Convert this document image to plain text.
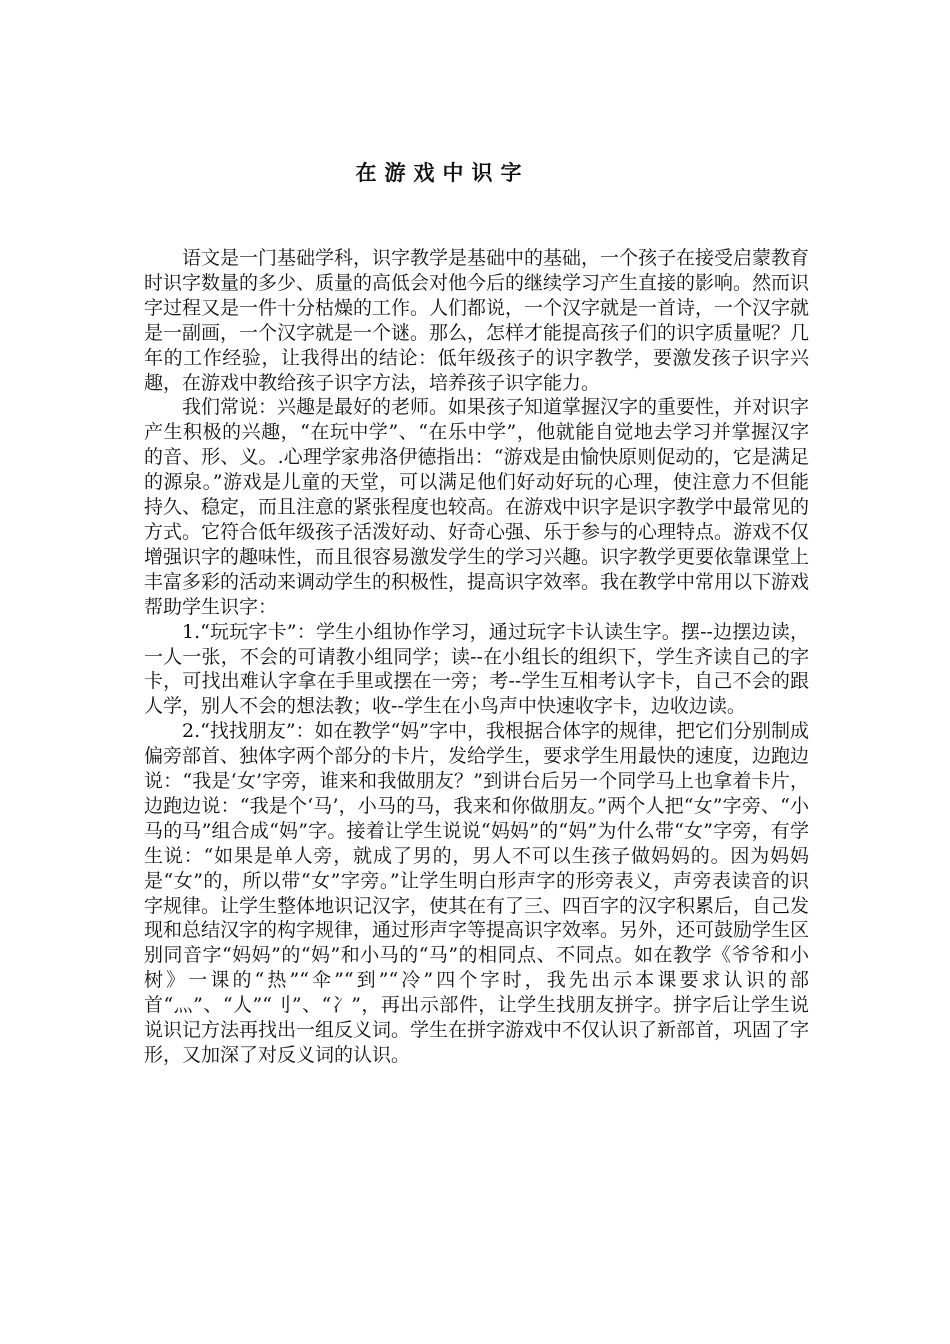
在游戏中识字

语文是一门基础学科，识字教学是基础中的基础，一个孩子在接受启蒙教育时识字数量的多少、质量的高低会对他今后的继续学习产生直接的影响。然而识字过程又是一件十分枯燥的工作。人们都说，一个汉字就是一首诗，一个汉字就是一副画，一个汉字就是一个谜。那么，怎样才能提高孩子们的识字质量呢？几年的工作经验，让我得出的结论：低年级孩子的识字教学，要激发孩子识字兴趣，在游戏中教给孩子识字方法，培养孩子识字能力。

我们常说：兴趣是最好的老师。如果孩子知道掌握汉字的重要性，并对识字产生积极的兴趣，“在玩中学”、“在乐中学”，他就能自觉地去学习并掌握汉字的音、形、义。.心理学家弗洛伊德指出：“游戏是由愉快原则促动的，它是满足的源泉。”游戏是儿童的天堂，可以满足他们好动好玩的心理，使注意力不但能持久、稳定，而且注意的紧张程度也较高。在游戏中识字是识字教学中最常见的方式。它符合低年级孩子活泼好动、好奇心强、乐于参与的心理特点。游戏不仅增强识字的趣味性，而且很容易激发学生的学习兴趣。识字教学更要依靠课堂上丰富多彩的活动来调动学生的积极性，提高识字效率。我在教学中常用以下游戏帮助学生识字：

1.“玩玩字卡”：学生小组协作学习，通过玩字卡认读生字。摆--边摆边读，一人一张，不会的可请教小组同学；读--在小组长的组织下，学生齐读自己的字卡，可找出难认字拿在手里或摆在一旁；考--学生互相考认字卡，自己不会的跟人学，别人不会的想法教；收--学生在小鸟声中快速收字卡，边收边读。

2.“找找朋友”：如在教学“妈”字中，我根据合体字的规律，把它们分别制成偏旁部首、独体字两个部分的卡片，发给学生，要求学生用最快的速度，边跑边说：“我是‘女’字旁，谁来和我做朋友？”到讲台后另一个同学马上也拿着卡片，边跑边说：“我是个‘马’，小马的马，我来和你做朋友。”两个人把“女”字旁、“小马的马”组合成“妈”字。接着让学生说说“妈妈”的“妈”为什么带“女”字旁，有学生说：“如果是单人旁，就成了男的，男人不可以生孩子做妈妈的。因为妈妈是“女”的，所以带“女”字旁。”让学生明白形声字的形旁表义，声旁表读音的识字规律。让学生整体地识记汉字，使其在有了三、四百字的汉字积累后，自己发现和总结汉字的构字规律，通过形声字等提高识字效率。另外，还可鼓励学生区别同音字“妈妈”的“妈”和小马的“马”的相同点、不同点。如在教学《爷爷和小树》一课的“热”“伞”“到”“冷”四个字时，我先出示本课要求认识的部首“灬”、“人”“刂”、“冫”，再出示部件，让学生找朋友拼字。拼字后让学生说说识记方法再找出一组反义词。学生在拼字游戏中不仅认识了新部首，巩固了字形，又加深了对反义词的认识。
